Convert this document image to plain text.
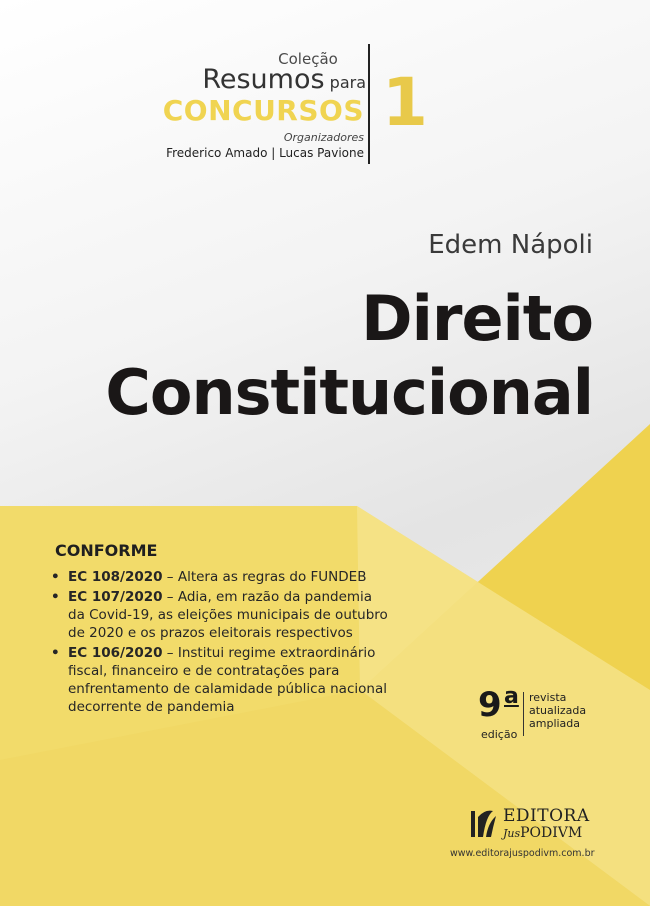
Coleção
Resumos para
CONCURSOS
Organizadores
Frederico Amado | Lucas Pavione
1
Edem Nápoli
Direito
Constitucional
CONFORME
• EC 108/2020 – Altera as regras do FUNDEB
• EC 107/2020 – Adia, em razão da pandemia da Covid-19, as eleições municipais de outubro de 2020 e os prazos eleitorais respectivos
• EC 106/2020 – Institui regime extraordinário fiscal, financeiro e de contratações para enfrentamento de calamidade pública nacional decorrente de pandemia	9 a
edição
revista
atualizada
ampliada
EDITORA
JusPODIVM
www.editorajuspodivm.com.br
